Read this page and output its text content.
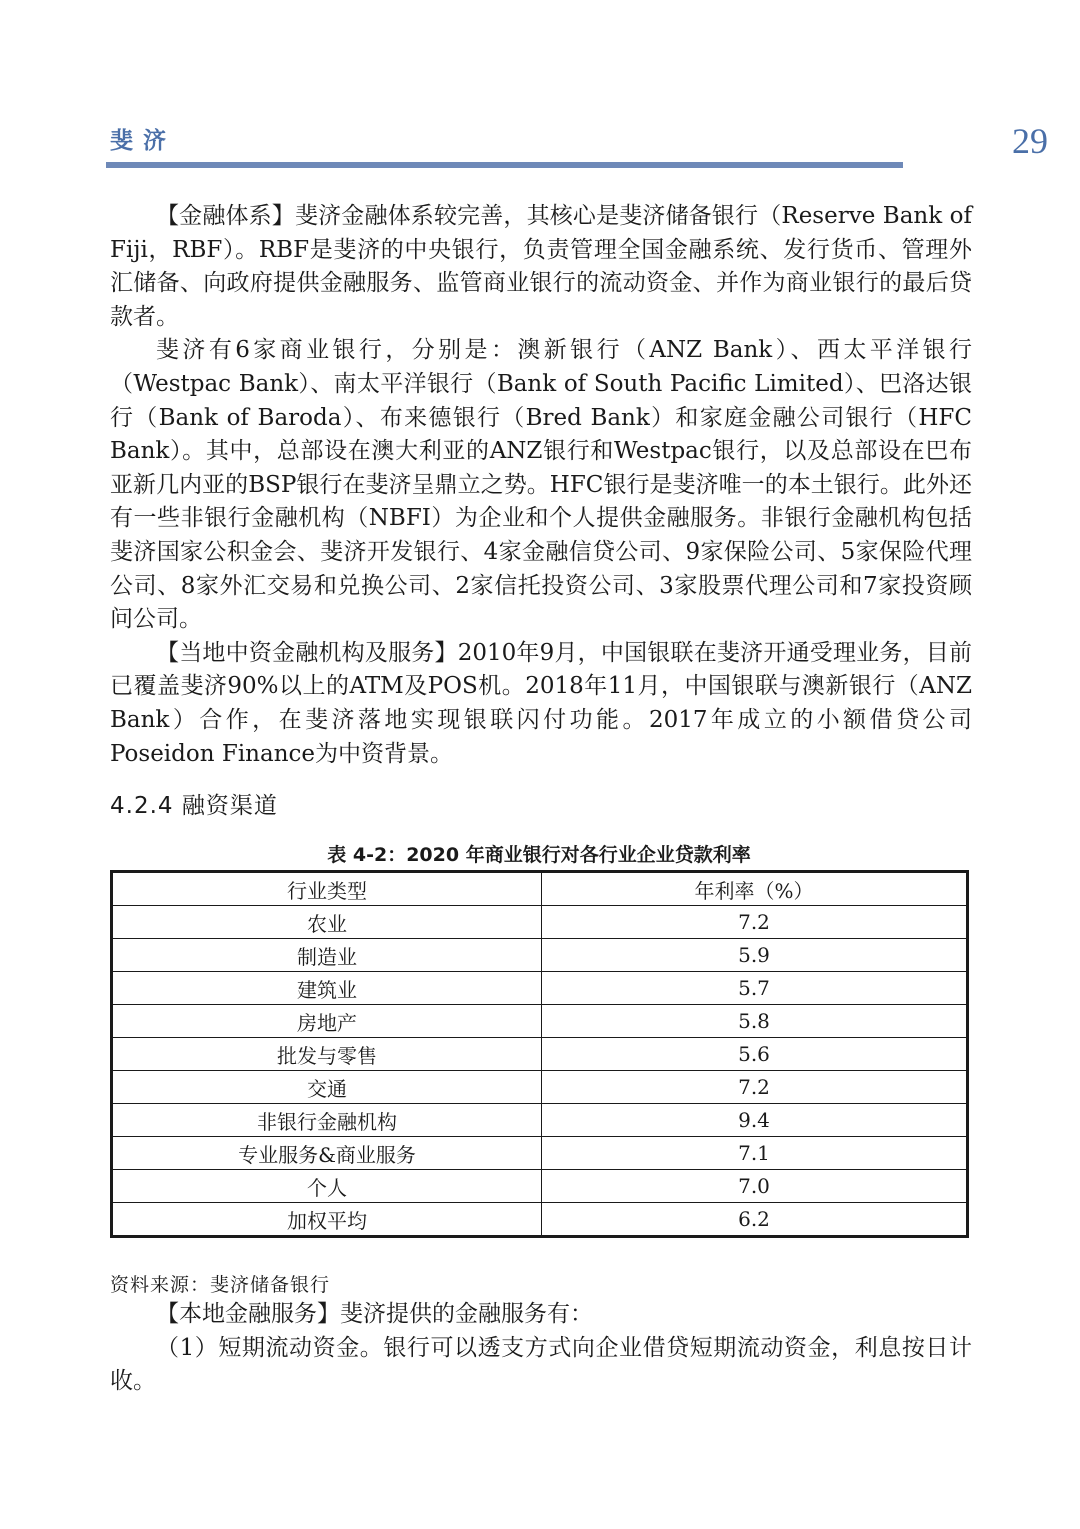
斐济	29

【金融体系】斐济金融体系较完善，其核心是斐济储备银行（Reserve Bank of Fiji，RBF）。RBF是斐济的中央银行，负责管理全国金融系统、发行货币、管理外汇储备、向政府提供金融服务、监管商业银行的流动资金、并作为商业银行的最后贷款者。

斐济有6家商业银行，分别是：澳新银行（ANZ Bank）、西太平洋银行（Westpac Bank）、南太平洋银行（Bank of South Pacific Limited）、巴洛达银行（Bank of Baroda）、布来德银行（Bred Bank）和家庭金融公司银行（HFC Bank）。其中，总部设在澳大利亚的ANZ银行和Westpac银行，以及总部设在巴布亚新几内亚的BSP银行在斐济呈鼎立之势。HFC银行是斐济唯一的本土银行。此外还有一些非银行金融机构（NBFI）为企业和个人提供金融服务。非银行金融机构包括斐济国家公积金会、斐济开发银行、4家金融信贷公司、9家保险公司、5家保险代理公司、8家外汇交易和兑换公司、2家信托投资公司、3家股票代理公司和7家投资顾问公司。

【当地中资金融机构及服务】2010年9月，中国银联在斐济开通受理业务，目前已覆盖斐济90%以上的ATM及POS机。2018年11月，中国银联与澳新银行（ANZ Bank）合作，在斐济落地实现银联闪付功能。2017年成立的小额借贷公司Poseidon Finance为中资背景。

4.2.4 融资渠道
表 4-2：2020 年商业银行对各行业企业贷款利率
行业类型	年利率（%）
农业	7.2
制造业	5.9
建筑业	5.7
房地产	5.8
批发与零售	5.6
交通	7.2
非银行金融机构	9.4
专业服务&商业服务	7.1
个人	7.0
加权平均	6.2
资料来源：斐济储备银行

【本地金融服务】斐济提供的金融服务有：

（1）短期流动资金。银行可以透支方式向企业借贷短期流动资金，利息按日计收。
